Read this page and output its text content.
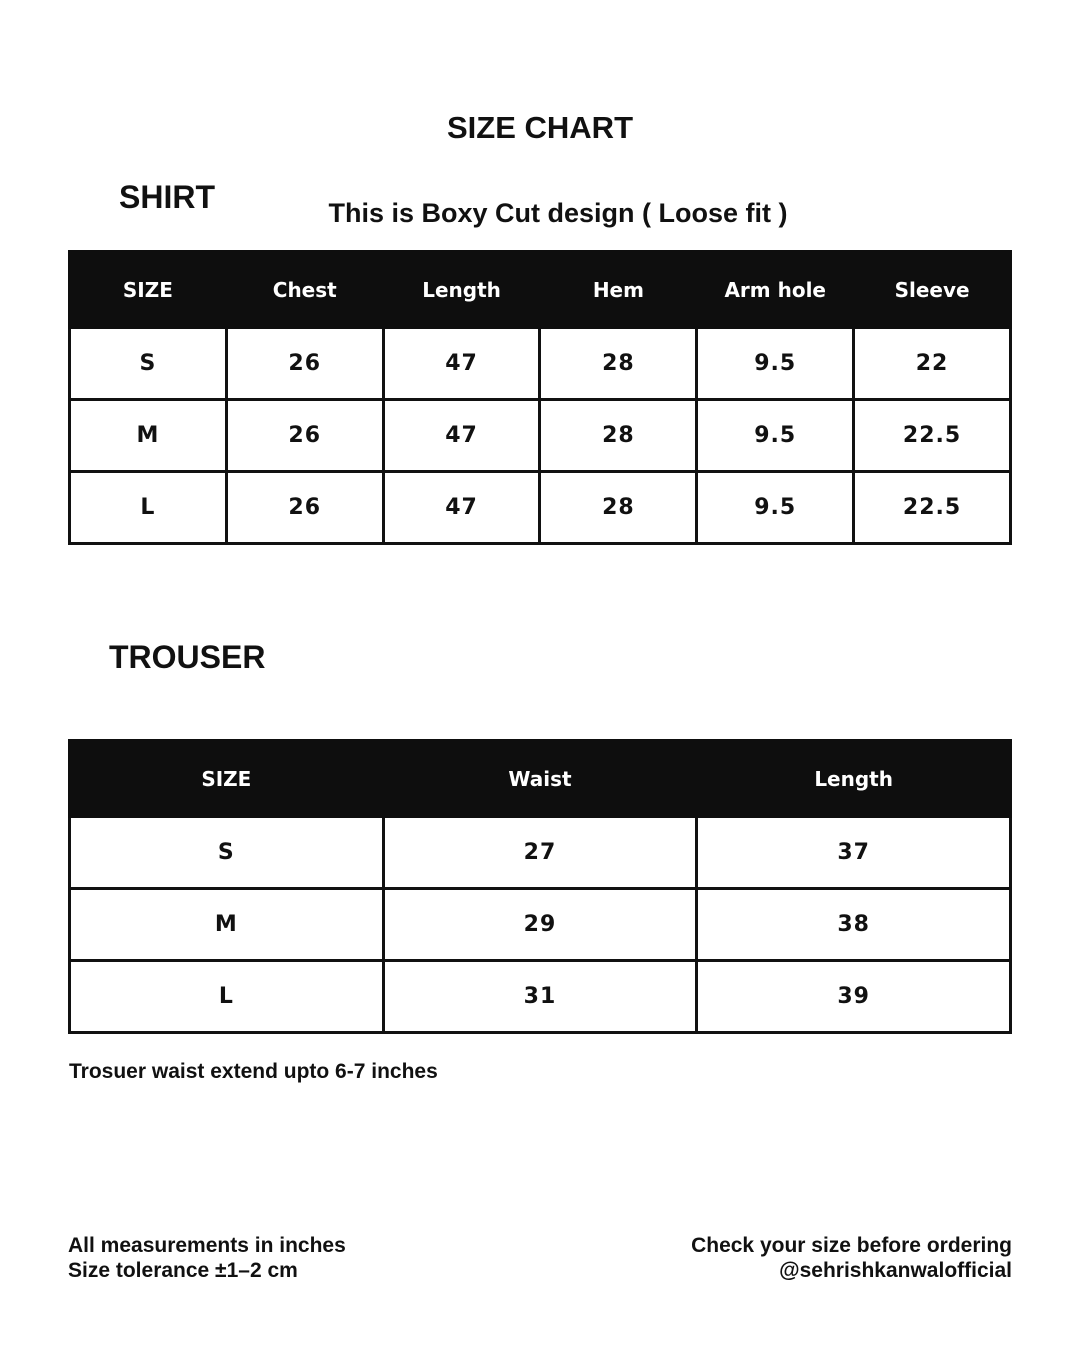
SIZE CHART
SHIRT	This is Boxy Cut design ( Loose fit )
SIZE	Chest	Length	Hem	Arm hole	Sleeve
S	26	47	28	9.5	22
M	26	47	28	9.5	22.5
L	26	47	28	9.5	22.5
TROUSER
SIZE	Waist	Length
S	27	37
M	29	38
L	31	39
Trosuer waist extend upto 6-7 inches
All measurements in inches
Size tolerance ±1–2 cm
Check your size before ordering
@sehrishkanwalofficial
